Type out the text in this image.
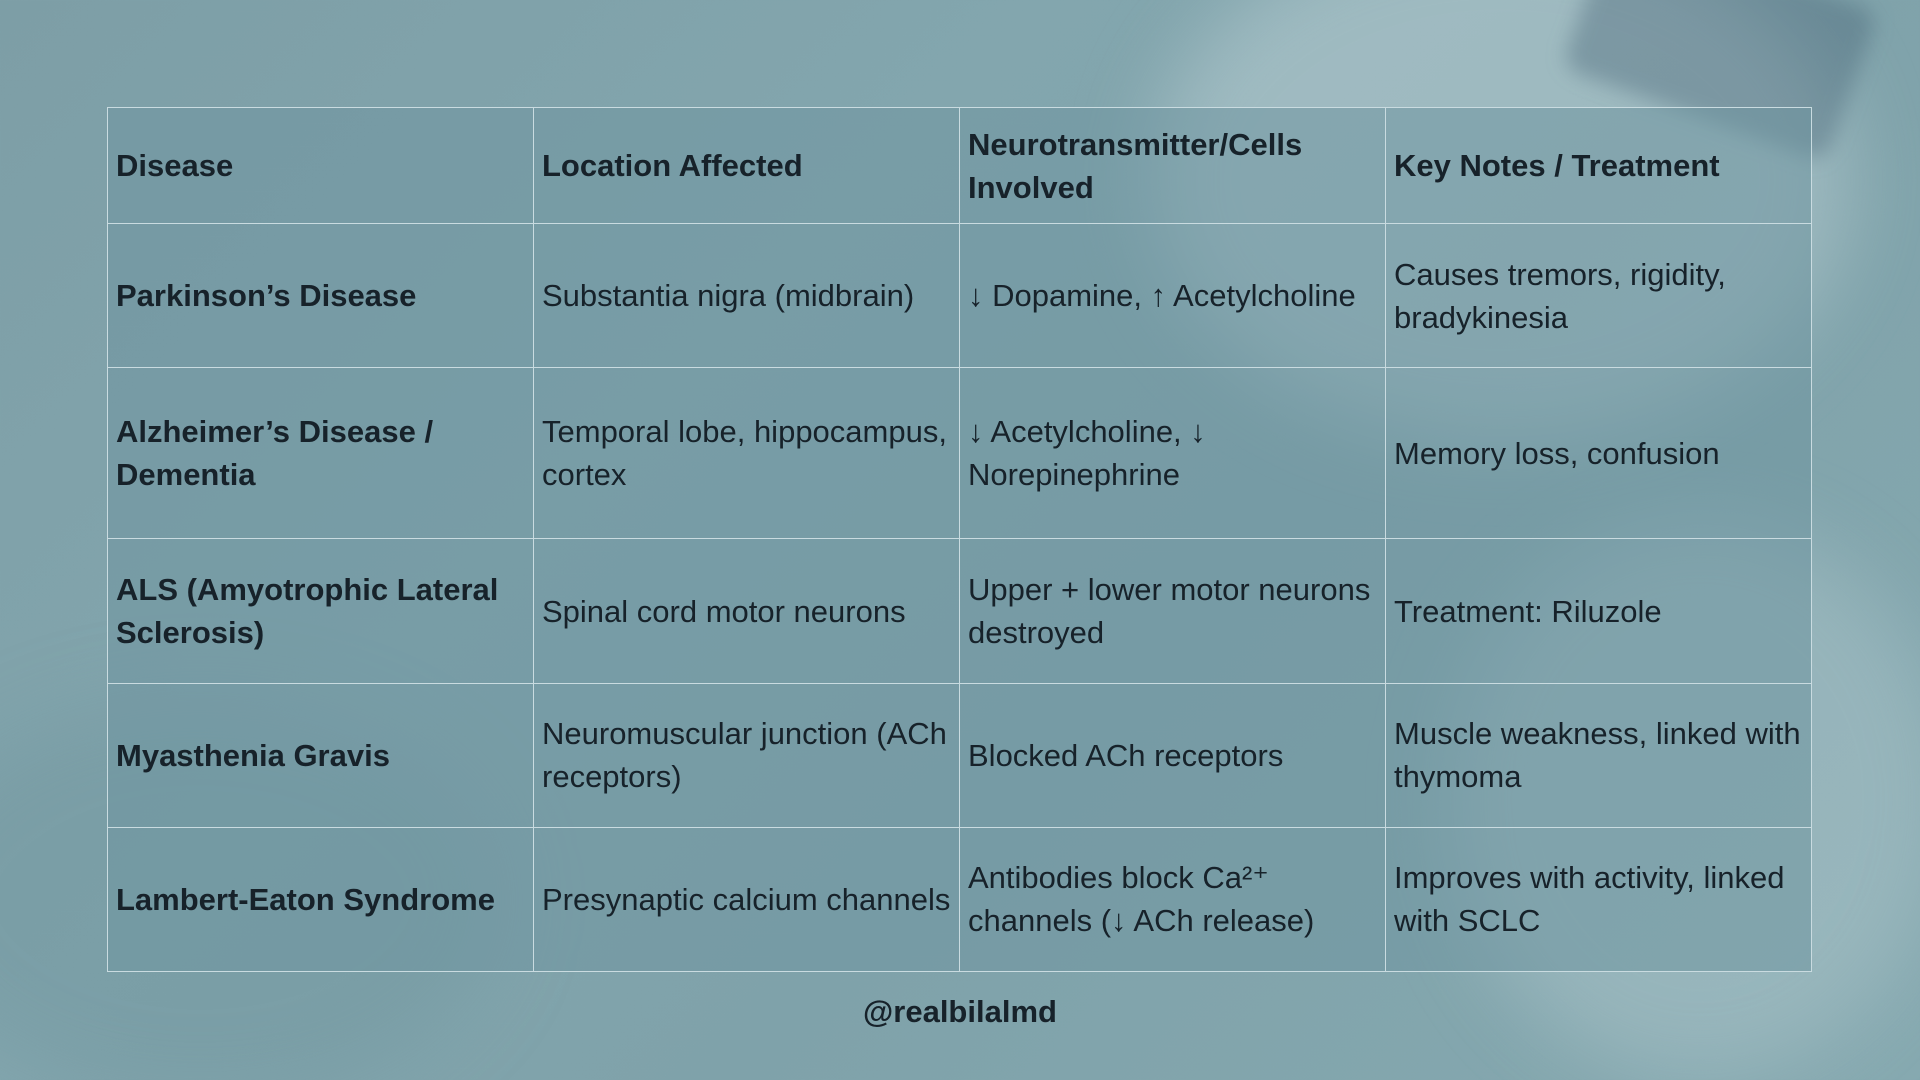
Disease	Location Affected	Neurotransmitter/Cells Involved	Key Notes / Treatment
Parkinson’s Disease	Substantia nigra (midbrain)	↓ Dopamine, ↑ Acetylcholine	Causes tremors, rigidity, bradykinesia
Alzheimer’s Disease / Dementia	Temporal lobe, hippocampus, cortex	↓ Acetylcholine, ↓ Norepinephrine	Memory loss, confusion
ALS (Amyotrophic Lateral Sclerosis)	Spinal cord motor neurons	Upper + lower motor neurons destroyed	Treatment: Riluzole
Myasthenia Gravis	Neuromuscular junction (ACh receptors)	Blocked ACh receptors	Muscle weakness, linked with thymoma
Lambert-Eaton Syndrome	Presynaptic calcium channels	Antibodies block Ca²⁺ channels (↓ ACh release)	Improves with activity, linked with SCLC
@realbilalmd
